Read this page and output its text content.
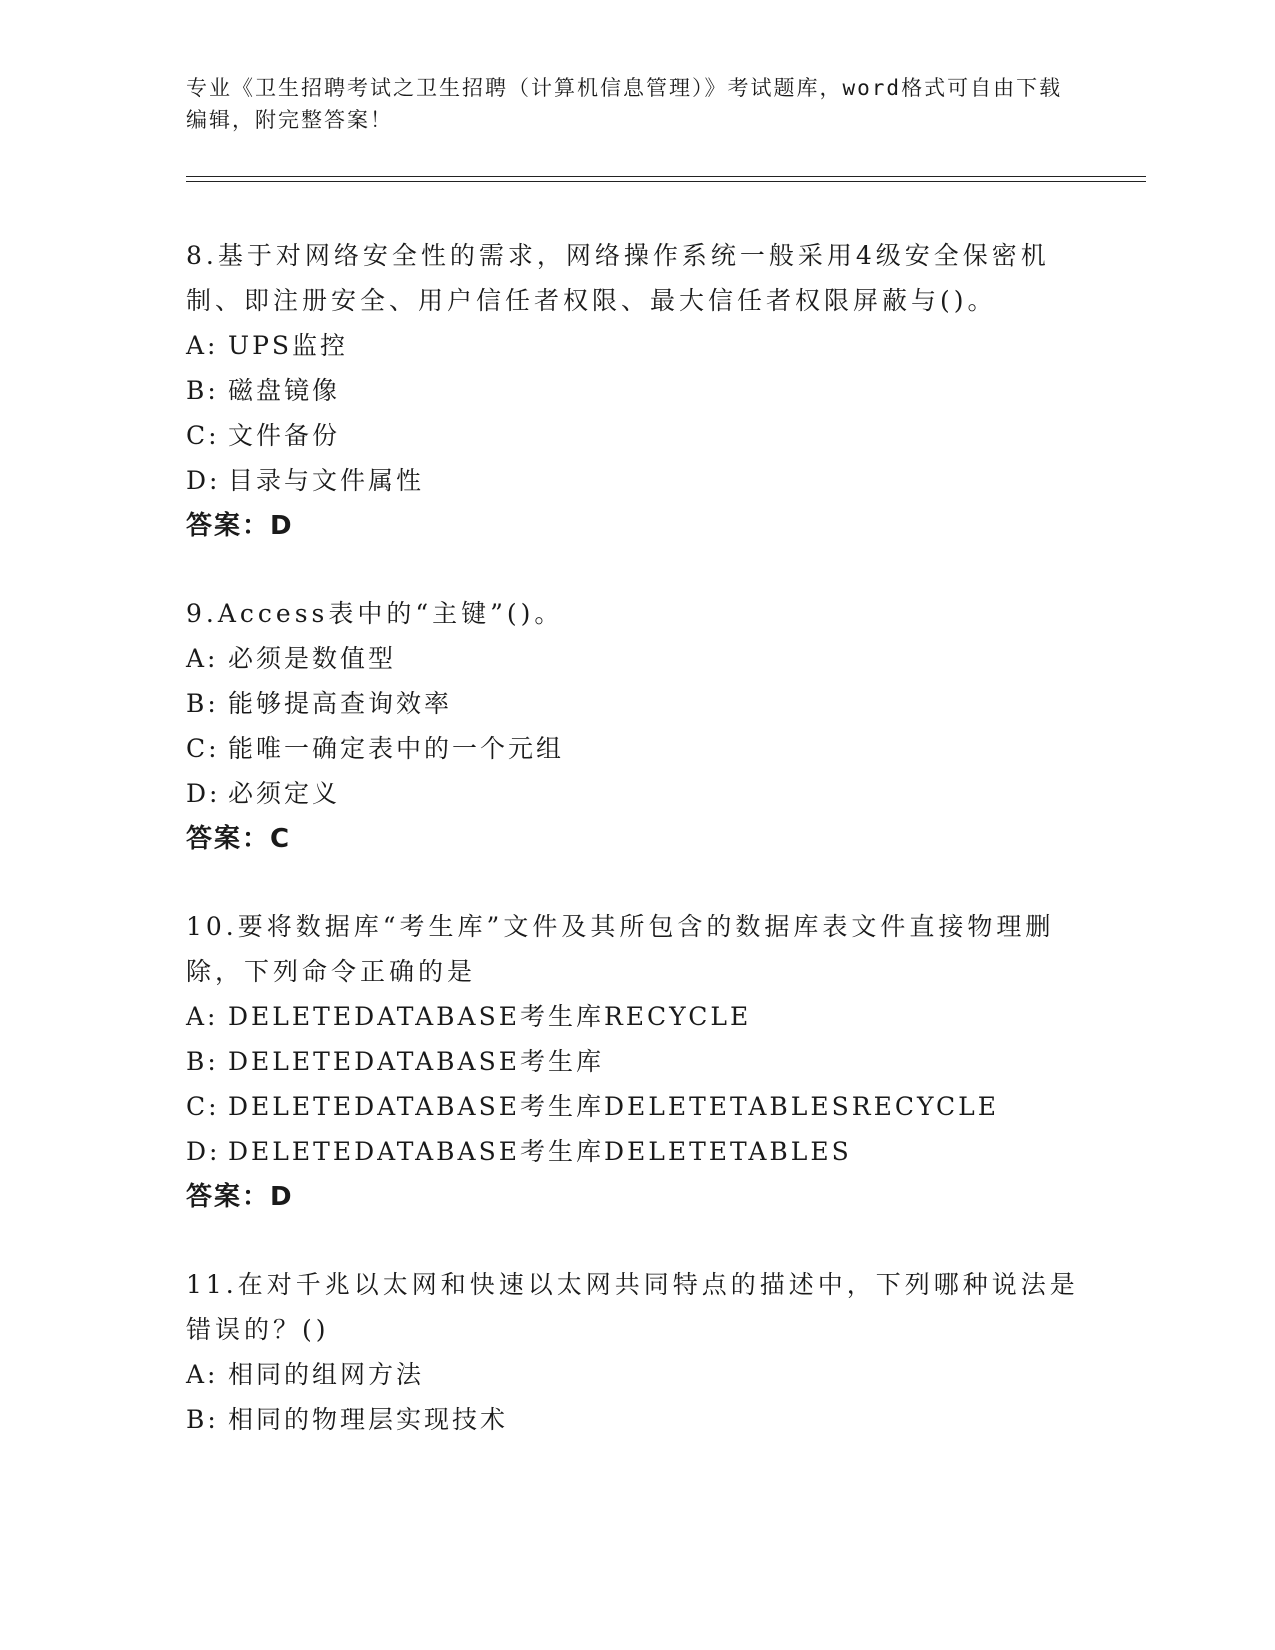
专业《卫生招聘考试之卫生招聘（计算机信息管理）》考试题库，word格式可自由下载编辑，附完整答案！

8.基于对网络安全性的需求，网络操作系统一般采用4级安全保密机制、即注册安全、用户信任者权限、最大信任者权限屏蔽与()。

A: UPS监控

B: 磁盘镜像

C: 文件备份

D: 目录与文件属性

答案：D

9.Access表中的“主键”()。

A: 必须是数值型

B: 能够提高查询效率

C: 能唯一确定表中的一个元组

D: 必须定义

答案：C

10.要将数据库“考生库”文件及其所包含的数据库表文件直接物理删除，下列命令正确的是

A: DELETEDATABASE考生库RECYCLE

B: DELETEDATABASE考生库

C: DELETEDATABASE考生库DELETETABLESRECYCLE

D: DELETEDATABASE考生库DELETETABLES

答案：D

11.在对千兆以太网和快速以太网共同特点的描述中，下列哪种说法是错误的？()

A: 相同的组网方法

B: 相同的物理层实现技术
